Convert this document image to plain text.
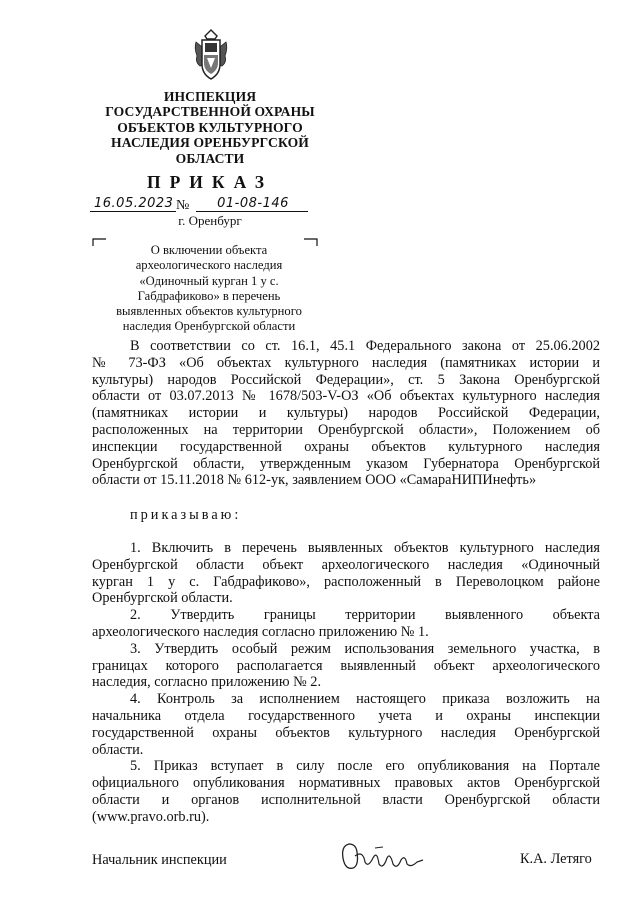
ИНСПЕКЦИЯ
ГОСУДАРСТВЕННОЙ ОХРАНЫ
ОБЪЕКТОВ КУЛЬТУРНОГО
НАСЛЕДИЯ ОРЕНБУРГСКОЙ
ОБЛАСТИ
ПРИКАЗ
16.05.2023 №	01-08-146
г. Оренбург
О включении объекта
археологического наследия
«Одиночный курган 1 у с.
Габдрафиково» в перечень
выявленных объектов культурного
наследия Оренбургской области
В соответствии со ст. 16.1, 45.1 Федерального закона от 25.06.2002
№ 73-ФЗ «Об объектах культурного наследия (памятниках истории и
культуры) народов Российской Федерации», ст. 5 Закона Оренбургской
области от 03.07.2013 № 1678/503-V-ОЗ «Об объектах культурного наследия
(памятниках истории и культуры) народов Российской Федерации,
расположенных на территории Оренбургской области», Положением об
инспекции государственной охраны объектов культурного наследия
Оренбургской области, утвержденным указом Губернатора Оренбургской
области от 15.11.2018 № 612-ук, заявлением ООО «СамараНИПИнефть»
приказываю:
1. Включить в перечень выявленных объектов культурного наследия
Оренбургской области объект археологического наследия «Одиночный
курган 1 у с. Габдрафиково», расположенный в Переволоцком районе
Оренбургской области.
2. Утвердить границы территории выявленного объекта
археологического наследия согласно приложению № 1.
3. Утвердить особый режим использования земельного участка, в
границах которого располагается выявленный объект археологического
наследия, согласно приложению № 2.
4. Контроль за исполнением настоящего приказа возложить на
начальника отдела государственного учета и охраны инспекции
государственной охраны объектов культурного наследия Оренбургской
области.
5. Приказ вступает в силу после его опубликования на Портале
официального опубликования нормативных правовых актов Оренбургской
области и органов исполнительной власти Оренбургской области
(www.pravo.orb.ru).
Начальник инспекции	К.А. Летяго
